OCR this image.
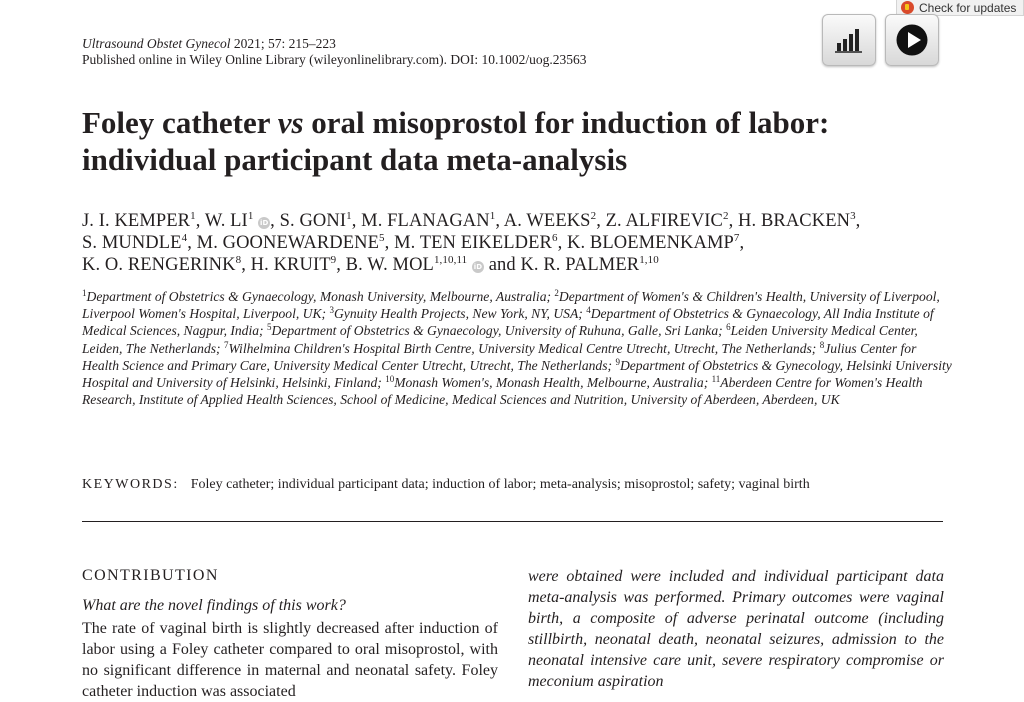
Check for updates
Ultrasound Obstet Gynecol 2021; 57: 215–223
Published online in Wiley Online Library (wileyonlinelibrary.com). DOI: 10.1002/uog.23563
Foley catheter vs oral misoprostol for induction of labor:
individual participant data meta-analysis
J. I. KEMPER$^1$, W. $LI^1$ iD, S. GONI$^1$, M. FLANAGAN$^1$, A. WEEKS$^2$, Z. ALFIREVIC$^2$, H. BRACKEN$^3$,
S. MUNDLE$^4$, M. GOONEWARDENE$^5$, M. TEN EIKELDER$^6$, K. BLOEMENKAMP$^7$,
K. O. RENGERINK$^8$, H. KRUIT$^9$, B. W. MOL$^{1,10,11}$ iD and K. R. PALMER$^{1,10}$
$^1$Department of Obstetrics & Gynaecology, Monash University, Melbourne, Australia; $^2$Department of Women's & Children's Health, University of Liverpool, Liverpool Women's Hospital, Liverpool, UK; $^3$Gynuity Health Projects, New York, NY, USA; $^4$Department of Obstetrics & Gynaecology, All India Institute of Medical Sciences, Nagpur, India; $^5$Department of Obstetrics & Gynaecology, University of Ruhuna, Galle, Sri Lanka; $^6$Leiden University Medical Center, Leiden, The Netherlands; $^7$Wilhelmina Children's Hospital Birth Centre, University Medical Centre Utrecht, Utrecht, The Netherlands; $^8$Julius Center for Health Science and Primary Care, University Medical Center Utrecht, Utrecht, The Netherlands; $^9$Department of Obstetrics & Gynecology, Helsinki University Hospital and University of Helsinki, Helsinki, Finland; $^{10}$Monash Women's, Monash Health, Melbourne, Australia; $^{11}$Aberdeen Centre for Women's Health Research, Institute of Applied Health Sciences, School of Medicine, Medical Sciences and Nutrition, University of Aberdeen, Aberdeen, UK
KEYWORDS: Foley catheter; individual participant data; induction of labor; meta-analysis; misoprostol; safety; vaginal birth
CONTRIBUTION
What are the novel findings of this work?
The rate of vaginal birth is slightly decreased after induction of labor using a Foley catheter compared to oral misoprostol, with no significant difference in maternal and neonatal safety. Foley catheter induction was associated
were obtained were included and individual participant data meta-analysis was performed. Primary outcomes were vaginal birth, a composite of adverse perinatal outcome (including stillbirth, neonatal death, neonatal seizures, admission to the neonatal intensive care unit, severe respiratory compromise or meconium aspiration
